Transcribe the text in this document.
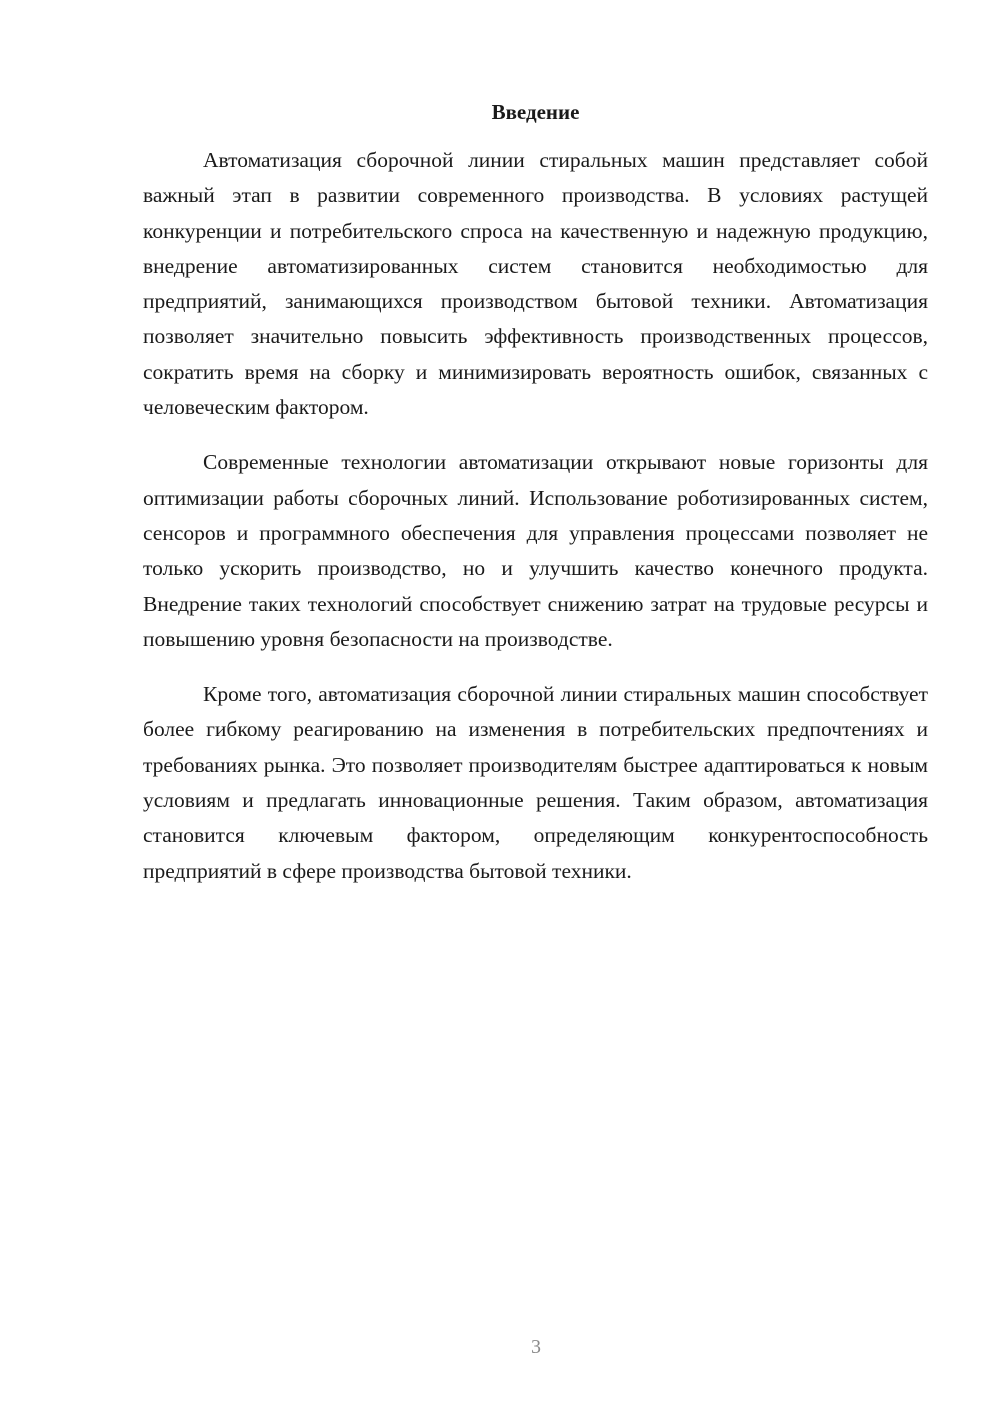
Введение

Автоматизация сборочной линии стиральных машин представляет собой важный этап в развитии современного производства. В условиях растущей конкуренции и потребительского спроса на качественную и надежную продукцию, внедрение автоматизированных систем становится необходимостью для предприятий, занимающихся производством бытовой техники. Автоматизация позволяет значительно повысить эффективность производственных процессов, сократить время на сборку и минимизировать вероятность ошибок, связанных с человеческим фактором.

Современные технологии автоматизации открывают новые горизонты для оптимизации работы сборочных линий. Использование роботизированных систем, сенсоров и программного обеспечения для управления процессами позволяет не только ускорить производство, но и улучшить качество конечного продукта. Внедрение таких технологий способствует снижению затрат на трудовые ресурсы и повышению уровня безопасности на производстве.

Кроме того, автоматизация сборочной линии стиральных машин способствует более гибкому реагированию на изменения в потребительских предпочтениях и требованиях рынка. Это позволяет производителям быстрее адаптироваться к новым условиям и предлагать инновационные решения. Таким образом, автоматизация становится ключевым фактором, определяющим конкурентоспособность предприятий в сфере производства бытовой техники.

3
